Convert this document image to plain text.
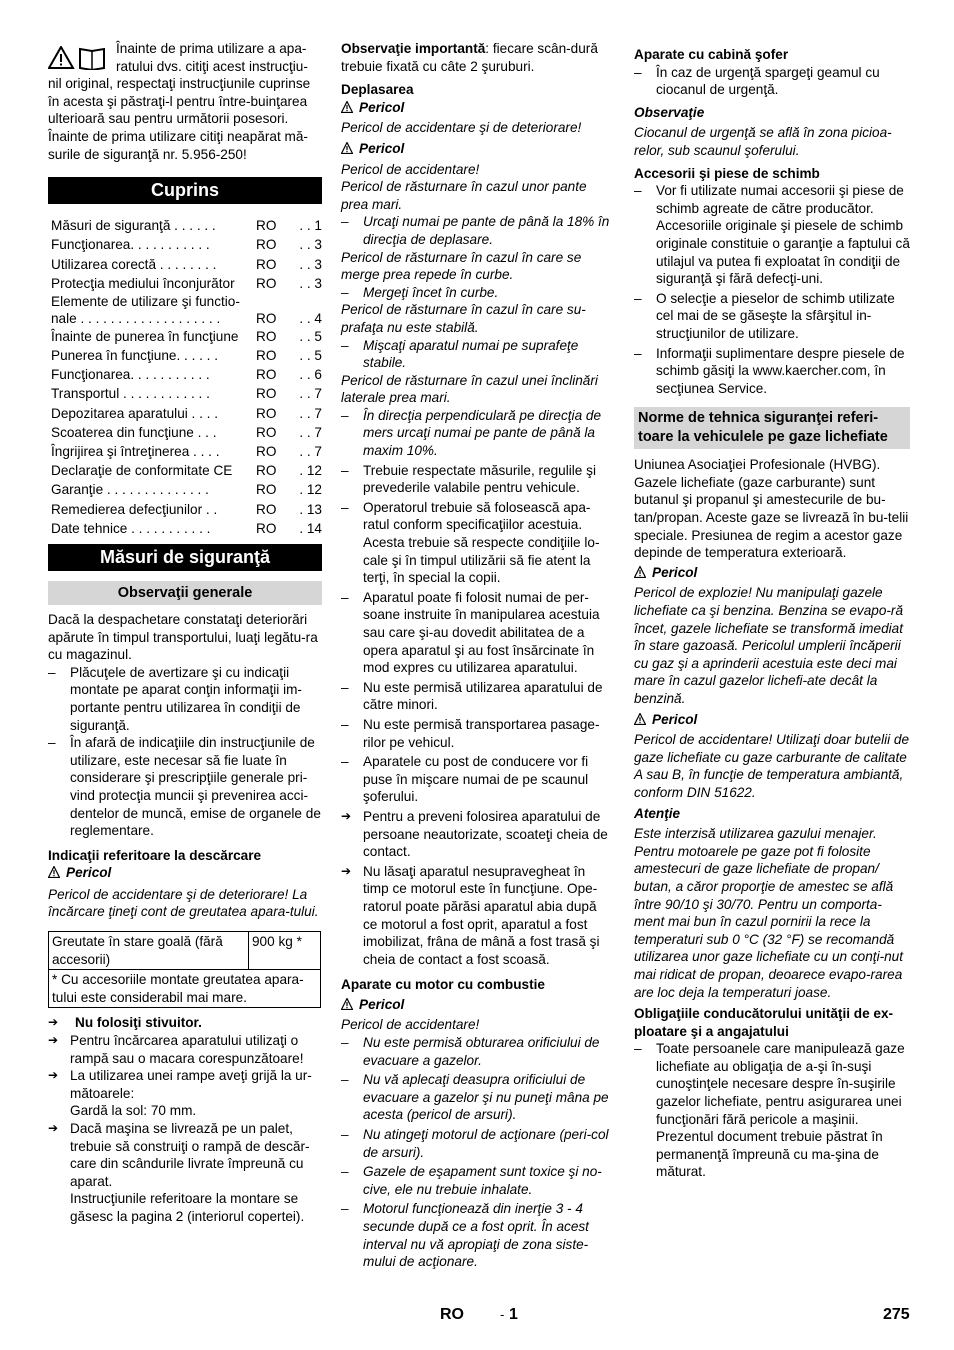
Înainte de prima utilizare a apa-

ratului dvs. citiţi acest instrucţiu-

nil original, respectaţi instrucţiunile cuprinse în acesta şi păstraţi-l pentru între-buinţarea ulterioară sau pentru următorii posesori.

Înainte de prima utilizare citiţi neapărat mă-surile de siguranţă nr. 5.956-250!

Cuprins
Măsuri de siguranţă . . . . . .	RO	. . 1
Funcţionarea. . . . . . . . . . .	RO	. . 3
Utilizarea corectă . . . . . . . .	RO	. . 3
Protecţia mediului înconjurător	RO	. . 3
Elemente de utilizare şi functio-
nale . . . . . . . . . . . . . . . . . . .	RO	. . 4
Înainte de punerea în funcţiune	RO	. . 5
Punerea în funcţiune. . . . . .	RO	. . 5
Funcţionarea. . . . . . . . . . .	RO	. . 6
Transportul . . . . . . . . . . . .	RO	. . 7
Depozitarea aparatului . . . .	RO	. . 7
Scoaterea din funcţiune . . .	RO	. . 7
Îngrijirea şi întreţinerea . . . .	RO	. . 7
Declaraţie de conformitate CE	RO	. 12
Garanţie . . . . . . . . . . . . . .	RO	. 12
Remedierea defecţiunilor . .	RO	. 13
Date tehnice . . . . . . . . . . .	RO	. 14
Măsuri de siguranţă
Observaţii generale

Dacă la despachetare constataţi deteriorări apărute în timpul transportului, luaţi legătu-ra cu magazinul.

–	Plăcuţele de avertizare şi cu indicaţii montate pe aparat conţin informaţii im-portante pentru utilizarea în condiţii de siguranţă.
–	În afară de indicaţiile din instrucţiunile de utilizare, este necesar să fie luate în considerare şi prescripţiile generale pri-vind protecţia muncii şi prevenirea acci-dentelor de muncă, emise de organele de reglementare.

Indicaţii referitoare la descărcare

Pericol

Pericol de accidentare şi de deteriorare! La încărcare ţineţi cont de greutatea apara-tului.

Greutate în stare goală (fără accesorii)	900 kg *
* Cu accesoriile montate greutatea apara-tului este considerabil mai mare.
➔	Nu folosiţi stivuitor.
➔ Pentru încărcarea aparatului utilizaţi o rampă sau o macara corespunzătoare!
➔ La utilizarea unei rampe aveţi grijă la ur-mătoarele:
Gardă la sol: 70 mm.
➔ Dacă maşina se livrează pe un palet, trebuie să construiţi o rampă de descăr-care din scândurile livrate împreună cu aparat.
Instrucţiunile referitoare la montare se găsesc la pagina 2 (interiorul copertei).

Observaţie importantă: fiecare scân-dură trebuie fixată cu câte 2 şuruburi.

Deplasarea

Pericol

Pericol de accidentare şi de deteriorare!

Pericol

Pericol de accidentare!

Pericol de răsturnare în cazul unor pante prea mari.

–	Urcaţi numai pe pante de până la 18% în direcţia de deplasare.

Pericol de răsturnare în cazul în care se merge prea repede în curbe.

–	Mergeţi încet în curbe.

Pericol de răsturnare în cazul în care su-prafaţa nu este stabilă.

–	Mişcaţi aparatul numai pe suprafeţe stabile.

Pericol de răsturnare în cazul unei înclinări laterale prea mari.

–	În direcţia perpendiculară pe direcţia de mers urcaţi numai pe pante de până la maxim 10%.
–	Trebuie respectate măsurile, regulile şi prevederile valabile pentru vehicule.
–	Operatorul trebuie să folosească apa-ratul conform specificaţiilor acestuia. Acesta trebuie să respecte condiţiile lo-cale şi în timpul utilizării să fie atent la terţi, în special la copii.
–	Aparatul poate fi folosit numai de per-soane instruite în manipularea acestuia sau care şi-au dovedit abilitatea de a opera aparatul şi au fost însărcinate în mod expres cu utilizarea aparatului.
–	Nu este permisă utilizarea aparatului de către minori.
–	Nu este permisă transportarea pasage-rilor pe vehicul.
–	Aparatele cu post de conducere vor fi puse în mişcare numai de pe scaunul şoferului.
➔ Pentru a preveni folosirea aparatului de persoane neautorizate, scoateţi cheia de contact.
➔ Nu lăsaţi aparatul nesupravegheat în timp ce motorul este în funcţiune. Ope-ratorul poate părăsi aparatul abia după ce motorul a fost oprit, aparatul a fost imobilizat, frâna de mână a fost trasă şi cheia de contact a fost scoasă.

Aparate cu motor cu combustie

Pericol

Pericol de accidentare!

–	Nu este permisă obturarea orificiului de evacuare a gazelor.
–	Nu vă aplecaţi deasupra orificiului de evacuare a gazelor şi nu puneţi mâna pe acesta (pericol de arsuri).
–	Nu atingeţi motorul de acţionare (peri-col de arsuri).
–	Gazele de eşapament sunt toxice şi no-cive, ele nu trebuie inhalate.
–	Motorul funcţionează din inerţie 3 - 4 secunde după ce a fost oprit. În acest interval nu vă apropiaţi de zona siste-mului de acţionare.

Aparate cu cabină şofer

–	În caz de urgenţă spargeţi geamul cu ciocanul de urgenţă.

Observaţie

Ciocanul de urgenţă se află în zona picioa-relor, sub scaunul şoferului.

Accesorii şi piese de schimb

–	Vor fi utilizate numai accesorii şi piese de schimb agreate de către producător. Accesoriile originale şi piesele de schimb originale constituie o garanţie a faptului că utilajul va putea fi exploatat în condiţii de siguranţă şi fără defecţi-uni.
–	O selecţie a pieselor de schimb utilizate cel mai de se găseşte la sfârşitul in-strucţiunilor de utilizare.
–	Informaţii suplimentare despre piesele de schimb găsiţi la www.kaercher.com, în secţiunea Service.
Norme de tehnica siguranţei referi-
toare la vehiculele pe gaze lichefiate

Uniunea Asociaţiei Profesionale (HVBG). Gazele lichefiate (gaze carburante) sunt butanul şi propanul şi amestecurile de bu-tan/propan. Aceste gaze se livrează în bu-telii speciale. Presiunea de regim a acestor gaze depinde de temperatura exterioară.

Pericol

Pericol de explozie! Nu manipulaţi gazele lichefiate ca şi benzina. Benzina se evapo-ră încet, gazele lichefiate se transformă imediat în stare gazoasă. Pericolul umplerii încăperii cu gaz şi a aprinderii acestuia este deci mai mare în cazul gazelor lichefi-ate decât la benzină.

Pericol

Pericol de accidentare! Utilizaţi doar butelii de gaze lichefiate cu gaze carburante de calitate A sau B, în funcţie de temperatura ambiantă, conform DIN 51622.

Atenţie

Este interzisă utilizarea gazului menajer. Pentru motoarele pe gaze pot fi folosite amestecuri de gaze lichefiate de propan/ butan, a căror proporţie de amestec se află între 90/10 şi 30/70. Pentru un comporta-ment mai bun în cazul pornirii la rece la temperaturi sub 0 °C (32 °F) se recomandă utilizarea unor gaze lichefiate cu un conţi-nut mai ridicat de propan, deoarece evapo-rarea are loc deja la temperaturi joase.

Obligaţiile conducătorului unităţii de ex-ploatare şi a angajatului

–	Toate persoanele care manipulează gaze lichefiate au obligaţia de a-şi în-suşi cunoştinţele necesare despre în-suşirile gazelor lichefiate, pentru asigurarea unei funcţionări fără pericole a maşinii. Prezentul document trebuie păstrat în permanenţă împreună cu ma-şina de măturat.
RO	- 1	275
